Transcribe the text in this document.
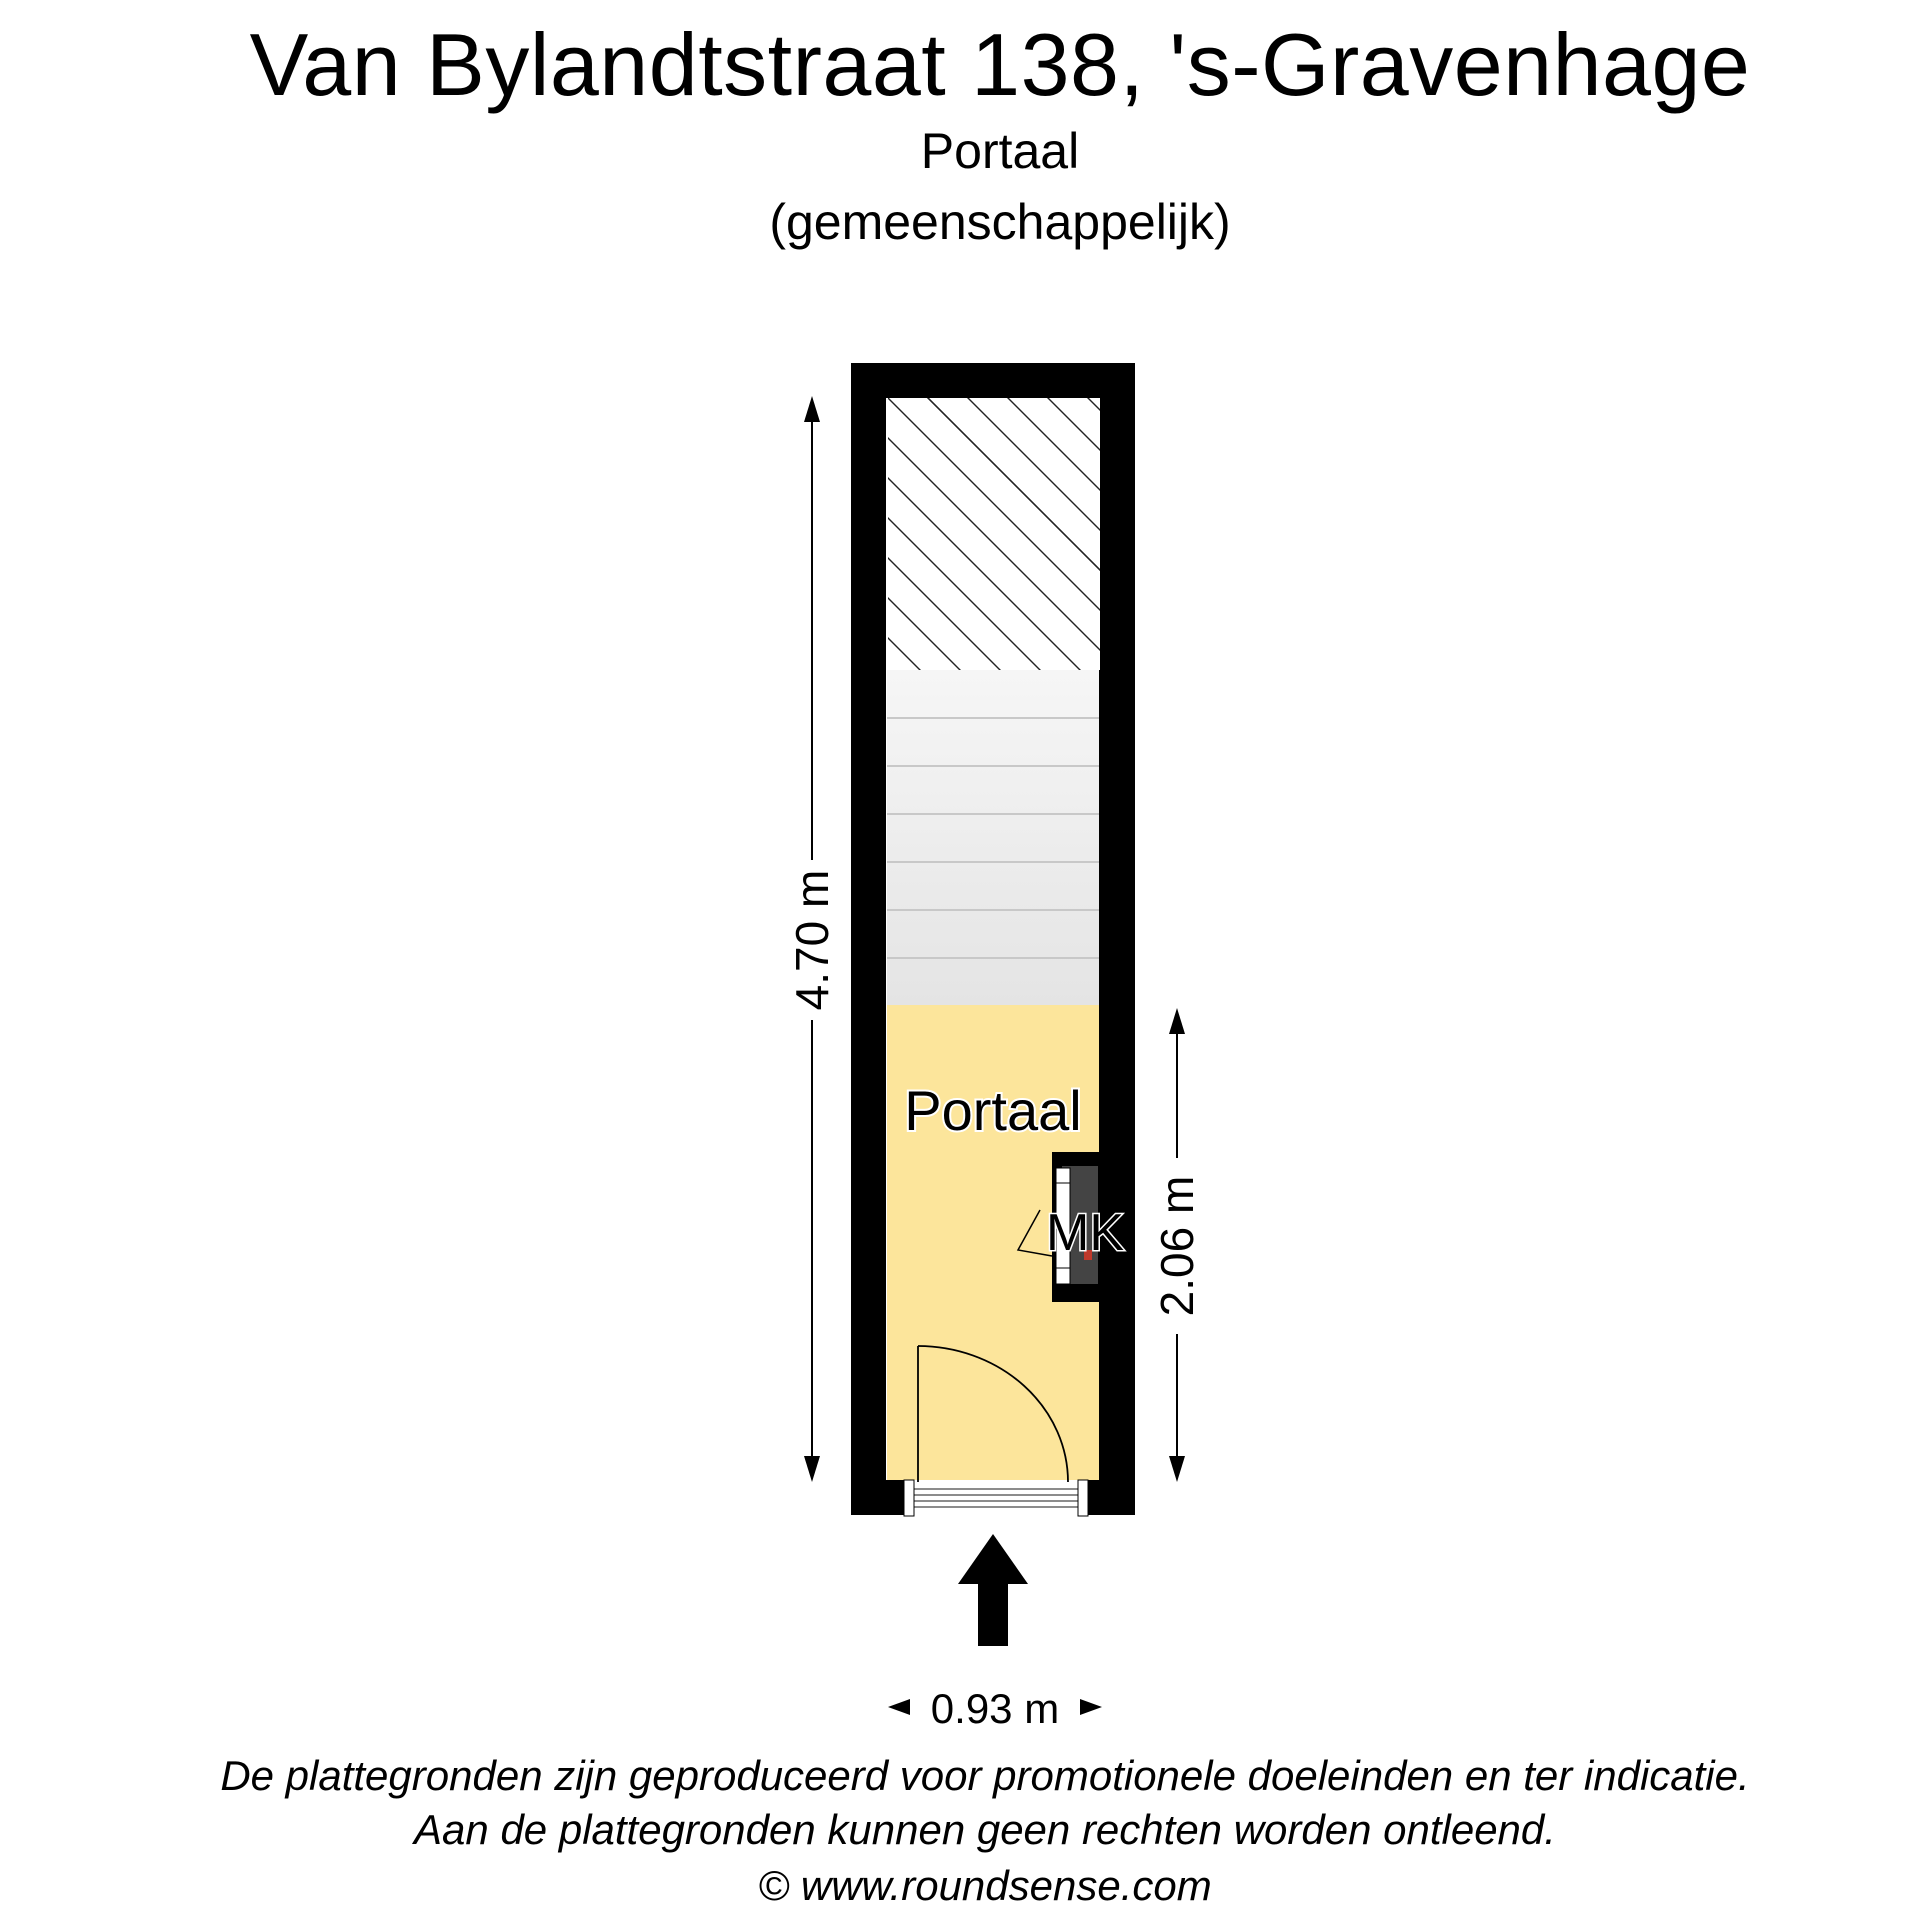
Van Bylandtstraat 138, 's-Gravenhage
Portaal
(gemeenschappelijk)
MK
Portaal
4.70 m
2.06 m
0.93 m
De plattegronden zijn geproduceerd voor promotionele doeleinden en ter indicatie.
Aan de plattegronden kunnen geen rechten worden ontleend.
© www.roundsense.com
